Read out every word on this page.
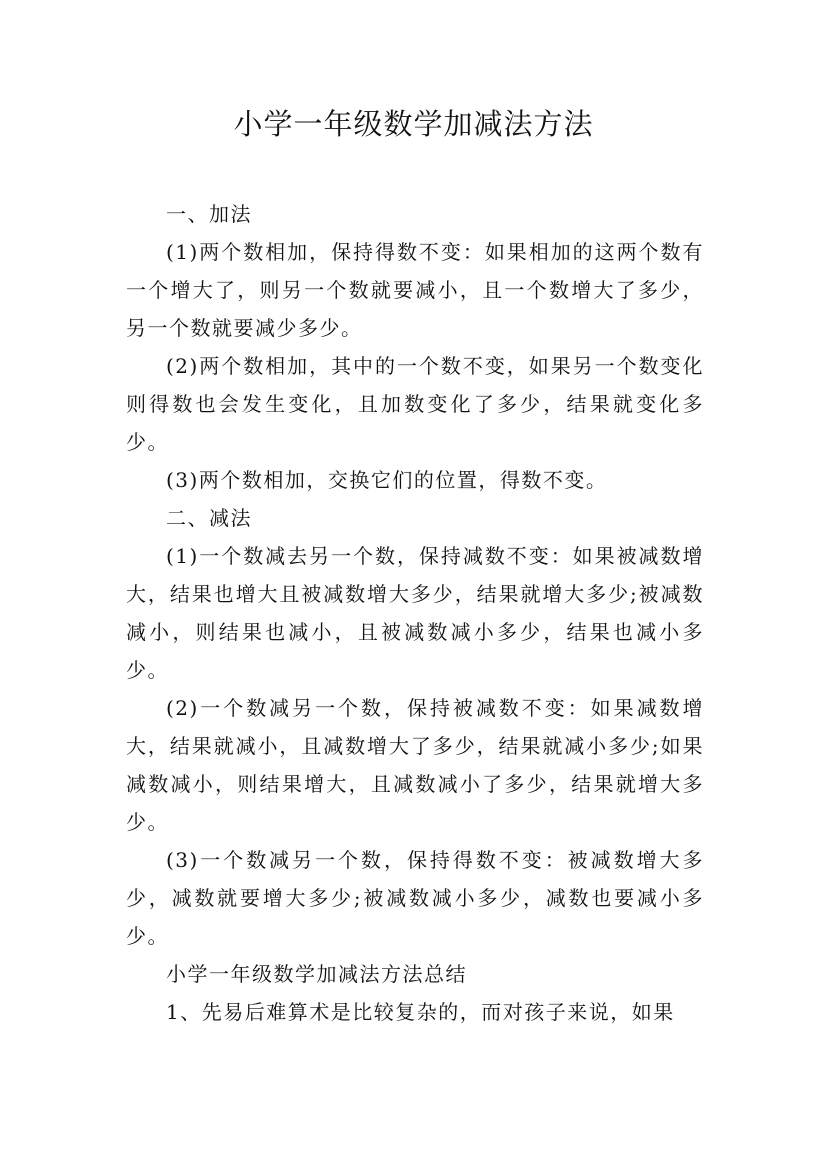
小学一年级数学加减法方法

一、加法

(1)两个数相加，保持得数不变：如果相加的这两个数有一个增大了，则另一个数就要减小，且一个数增大了多少，另一个数就要减少多少。

(2)两个数相加，其中的一个数不变，如果另一个数变化则得数也会发生变化，且加数变化了多少，结果就变化多少。

(3)两个数相加，交换它们的位置，得数不变。

二、减法

(1)一个数减去另一个数，保持减数不变：如果被减数增大，结果也增大且被减数增大多少，结果就增大多少;被减数减小，则结果也减小，且被减数减小多少，结果也减小多少。

(2)一个数减另一个数，保持被减数不变：如果减数增大，结果就减小，且减数增大了多少，结果就减小多少;如果减数减小，则结果增大，且减数减小了多少，结果就增大多少。

(3)一个数减另一个数，保持得数不变：被减数增大多少，减数就要增大多少;被减数减小多少，减数也要减小多少。

小学一年级数学加减法方法总结

1、先易后难算术是比较复杂的，而对孩子来说，如果
